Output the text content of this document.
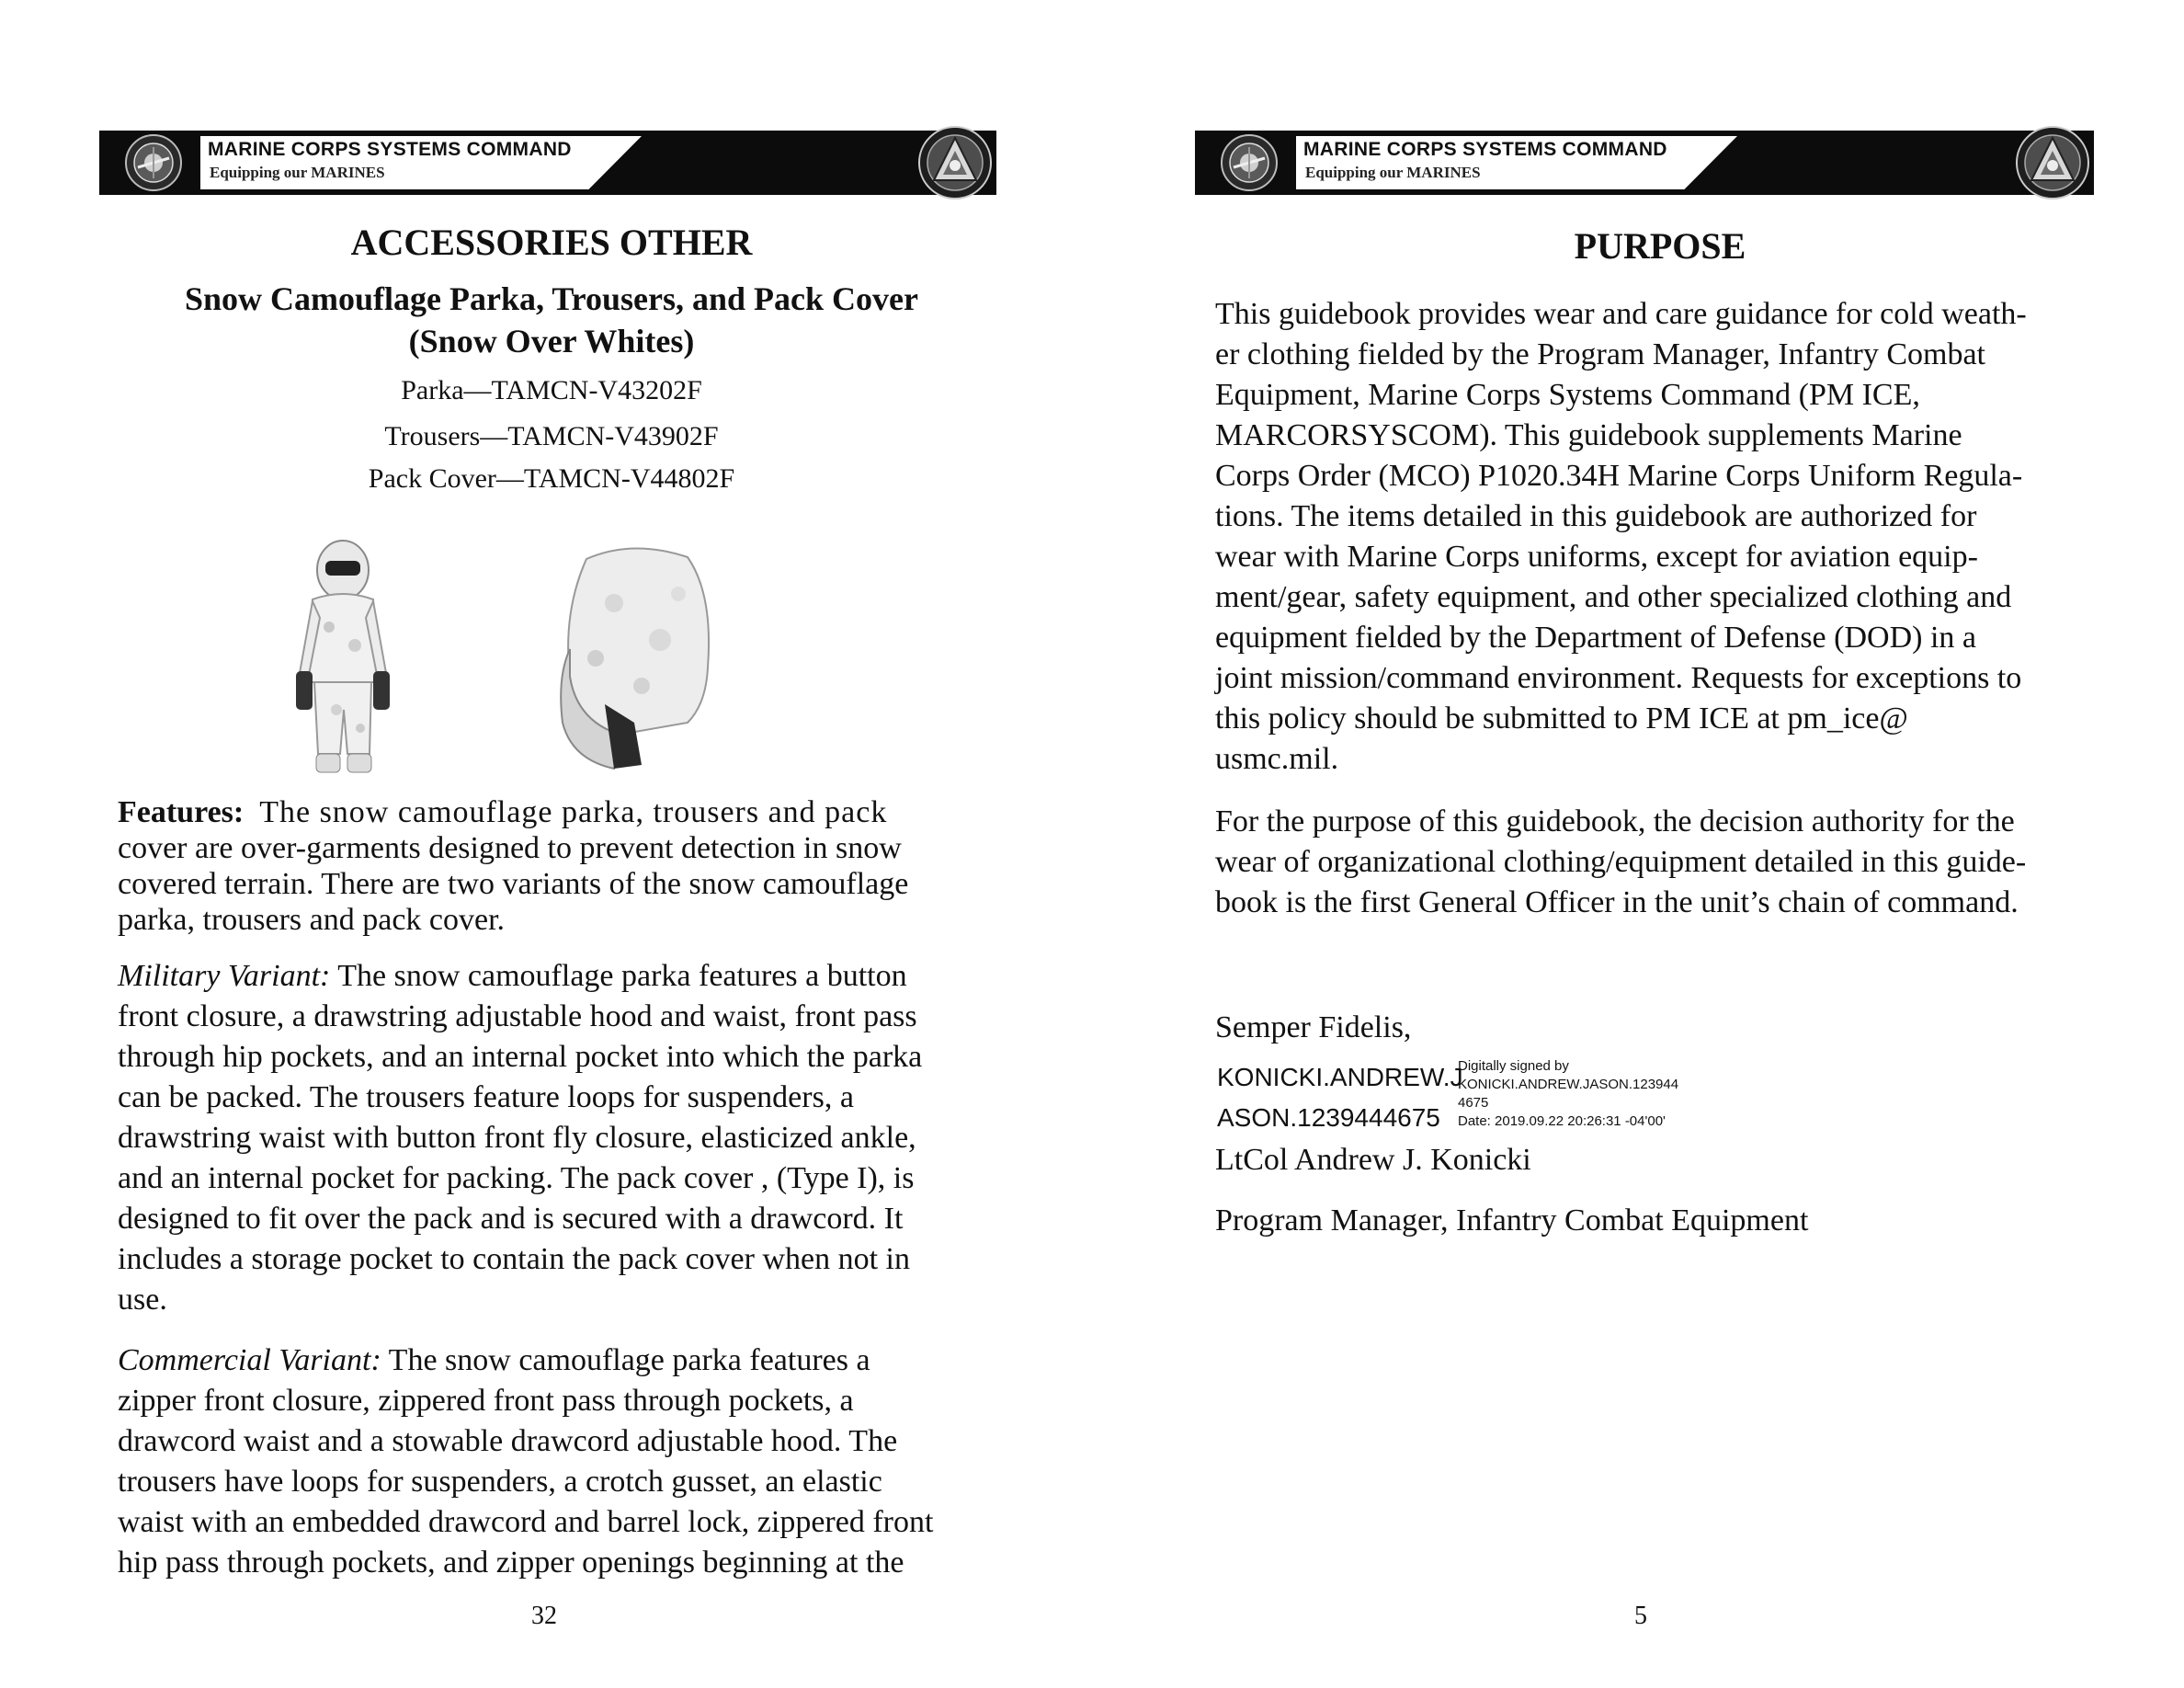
MARINE CORPS SYSTEMS COMMAND
Equipping our MARINES
ACCESSORIES OTHER
Snow Camouflage Parka, Trousers, and Pack Cover
(Snow Over Whites)
Parka—TAMCN-V43202F
Trousers—TAMCN-V43902F
Pack Cover—TAMCN-V44802F
Features: The snow camouflage parka, trousers and pack
cover are over-garments designed to prevent detection in snow
covered terrain. There are two variants of the snow camouflage
parka, trousers and pack cover.
Military Variant: The snow camouflage parka features a button
front closure, a drawstring adjustable hood and waist, front pass
through hip pockets, and an internal pocket into which the parka
can be packed. The trousers feature loops for suspenders, a
drawstring waist with button front fly closure, elasticized ankle,
and an internal pocket for packing. The pack cover , (Type I), is
designed to fit over the pack and is secured with a drawcord. It
includes a storage pocket to contain the pack cover when not in
use.
Commercial Variant: The snow camouflage parka features a
zipper front closure, zippered front pass through pockets, a
drawcord waist and a stowable drawcord adjustable hood. The
trousers have loops for suspenders, a crotch gusset, an elastic
waist with an embedded drawcord and barrel lock, zippered front
hip pass through pockets, and zipper openings beginning at the
32
MARINE CORPS SYSTEMS COMMAND
Equipping our MARINES
PURPOSE
This guidebook provides wear and care guidance for cold weath-
er clothing fielded by the Program Manager, Infantry Combat
Equipment, Marine Corps Systems Command (PM ICE,
MARCORSYSCOM). This guidebook supplements Marine
Corps Order (MCO) P1020.34H Marine Corps Uniform Regula-
tions. The items detailed in this guidebook are authorized for
wear with Marine Corps uniforms, except for aviation equip-
ment/gear, safety equipment, and other specialized clothing and
equipment fielded by the Department of Defense (DOD) in a
joint mission/command environment. Requests for exceptions to
this policy should be submitted to PM ICE at pm_ice@
usmc.mil.
For the purpose of this guidebook, the decision authority for the
wear of organizational clothing/equipment detailed in this guide-
book is the first General Officer in the unit’s chain of command.
Semper Fidelis,
KONICKI.ANDREW.J
ASON.1239444675
Digitally signed by
KONICKI.ANDREW.JASON.123944
4675
Date: 2019.09.22 20:26:31 -04'00'
LtCol Andrew J. Konicki
Program Manager, Infantry Combat Equipment
5
